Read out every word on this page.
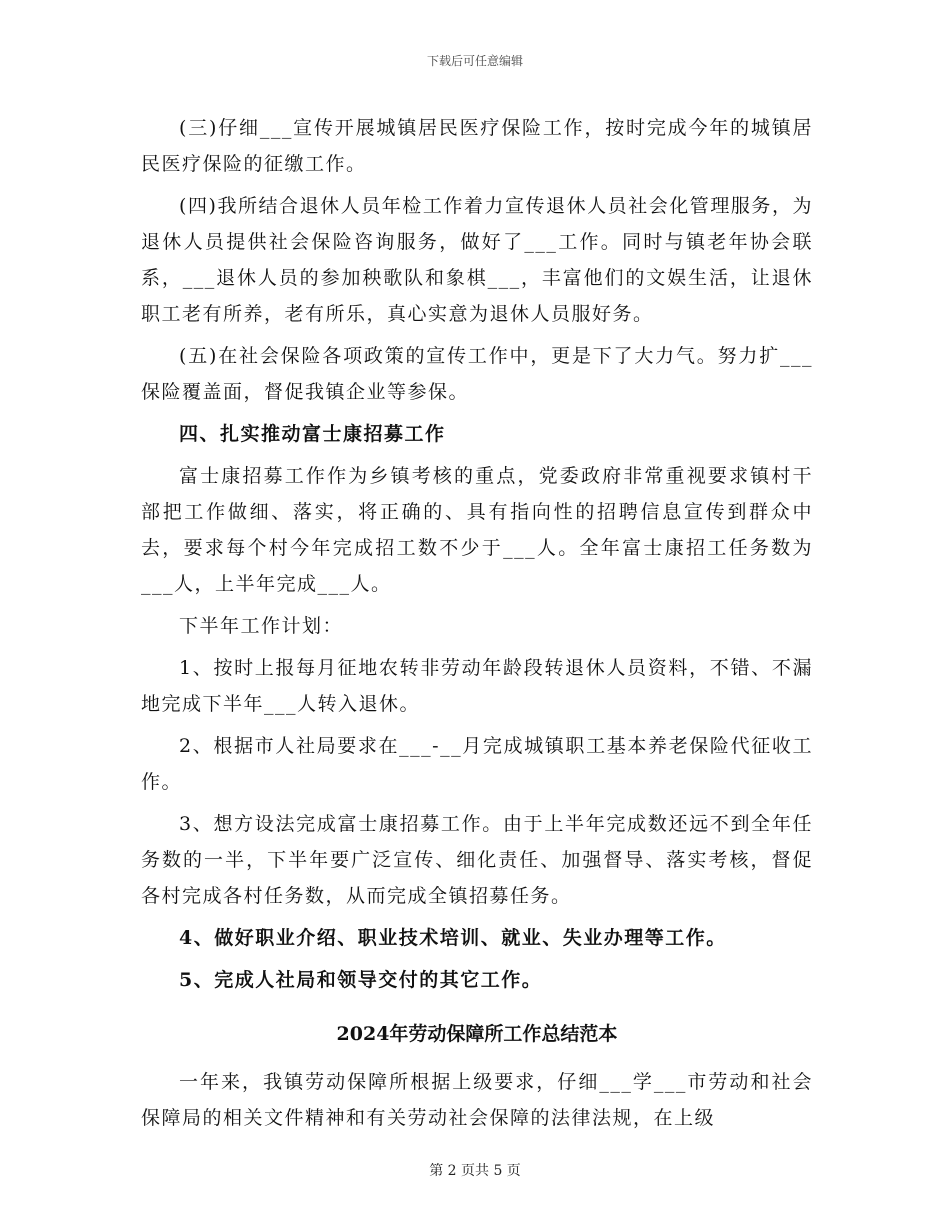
下载后可任意编辑

(三)仔细___宣传开展城镇居民医疗保险工作，按时完成今年的城镇居民医疗保险的征缴工作。

(四)我所结合退休人员年检工作着力宣传退休人员社会化管理服务，为退休人员提供社会保险咨询服务，做好了___工作。同时与镇老年协会联系，___退休人员的参加秧歌队和象棋___，丰富他们的文娱生活，让退休职工老有所养，老有所乐，真心实意为退休人员服好务。

(五)在社会保险各项政策的宣传工作中，更是下了大力气。努力扩___保险覆盖面，督促我镇企业等参保。

四、扎实推动富士康招募工作

富士康招募工作作为乡镇考核的重点，党委政府非常重视要求镇村干部把工作做细、落实，将正确的、具有指向性的招聘信息宣传到群众中去，要求每个村今年完成招工数不少于___人。全年富士康招工任务数为___人，上半年完成___人。

下半年工作计划：

1、按时上报每月征地农转非劳动年龄段转退休人员资料，不错、不漏地完成下半年___人转入退休。

2、根据市人社局要求在___-__月完成城镇职工基本养老保险代征收工作。

3、想方设法完成富士康招募工作。由于上半年完成数还远不到全年任务数的一半，下半年要广泛宣传、细化责任、加强督导、落实考核，督促各村完成各村任务数，从而完成全镇招募任务。

4、做好职业介绍、职业技术培训、就业、失业办理等工作。

5、完成人社局和领导交付的其它工作。

2024年劳动保障所工作总结范本

一年来，我镇劳动保障所根据上级要求，仔细___学___市劳动和社会保障局的相关文件精神和有关劳动社会保障的法律法规，在上级

第 2 页共 5 页
